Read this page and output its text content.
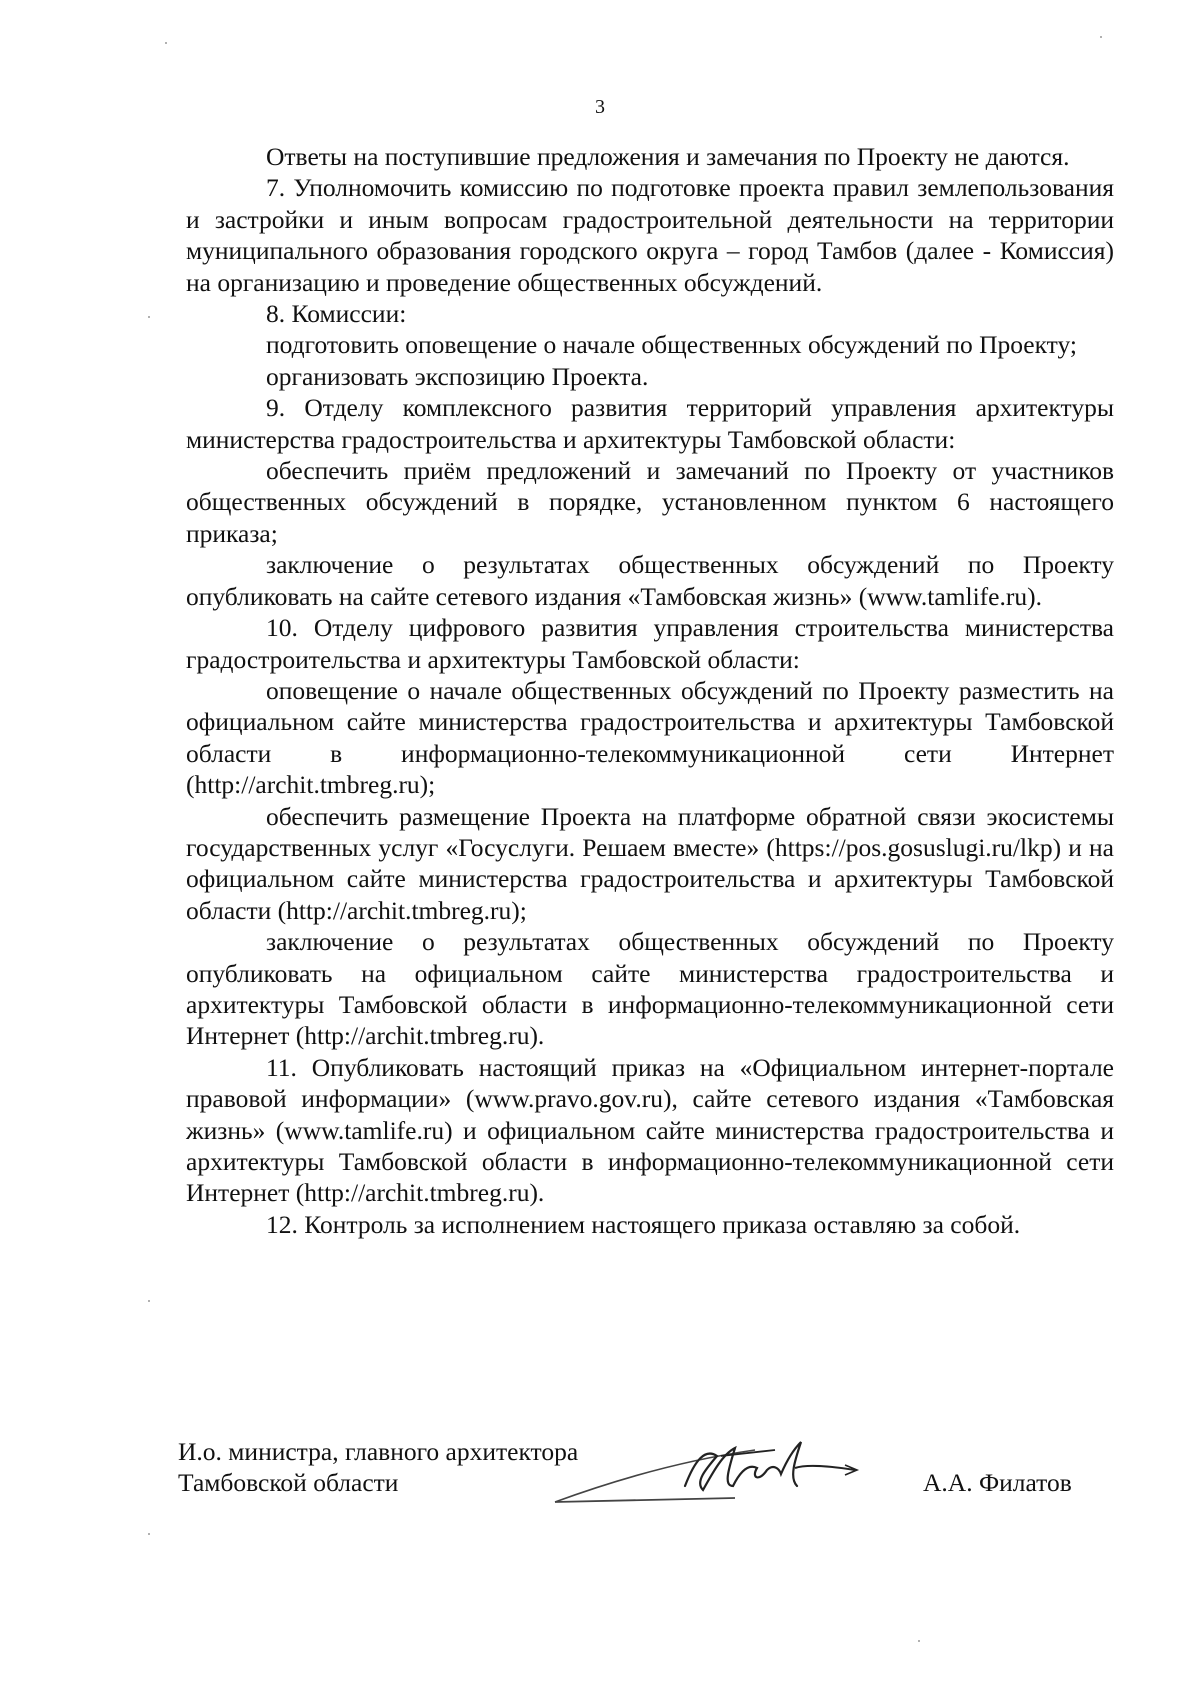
3

Ответы на поступившие предложения и замечания по Проекту не даются.

7. Уполномочить комиссию по подготовке проекта правил землепользования и застройки и иным вопросам градостроительной деятельности на территории муниципального образования городского округа – город Тамбов (далее - Комиссия) на организацию и проведение общественных обсуждений.

8. Комиссии:

подготовить оповещение о начале общественных обсуждений по Проекту;

организовать экспозицию Проекта.

9. Отделу комплексного развития территорий управления архитектуры министерства градостроительства и архитектуры Тамбовской области:

обеспечить приём предложений и замечаний по Проекту от участников общественных обсуждений в порядке, установленном пунктом 6 настоящего приказа;

заключение о результатах общественных обсуждений по Проекту опубликовать на сайте сетевого издания «Тамбовская жизнь» (www.tamlife.ru).

10. Отделу цифрового развития управления строительства министерства градостроительства и архитектуры Тамбовской области:

оповещение о начале общественных обсуждений по Проекту разместить на официальном сайте министерства градостроительства и архитектуры Тамбовской области в информационно-телекоммуникационной сети Интернет (http://archit.tmbreg.ru);

обеспечить размещение Проекта на платформе обратной связи экосистемы государственных услуг «Госуслуги. Решаем вместе» (https://pos.gosuslugi.ru/lkp) и на официальном сайте министерства градостроительства и архитектуры Тамбовской области (http://archit.tmbreg.ru);

заключение о результатах общественных обсуждений по Проекту опубликовать на официальном сайте министерства градостроительства и архитектуры Тамбовской области в информационно-телекоммуникационной сети Интернет (http://archit.tmbreg.ru).

11. Опубликовать настоящий приказ на «Официальном интернет-портале правовой информации» (www.pravo.gov.ru), сайте сетевого издания «Тамбовская жизнь» (www.tamlife.ru) и официальном сайте министерства градостроительства и архитектуры Тамбовской области в информационно-телекоммуникационной сети Интернет (http://archit.tmbreg.ru).

12. Контроль за исполнением настоящего приказа оставляю за собой.

И.о. министра, главного архитектора
Тамбовской области	А.А. Филатов
